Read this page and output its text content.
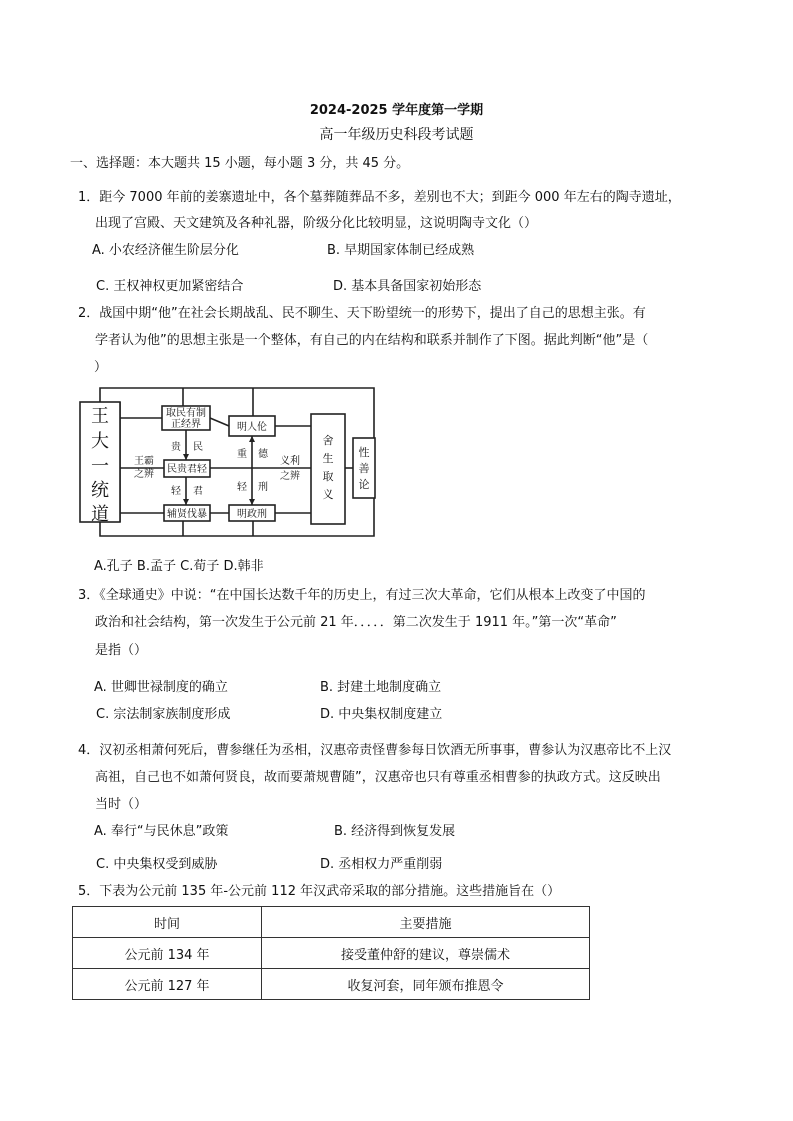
2024-2025 学年度第一学期
高一年级历史科段考试题
一、选择题：本大题共 15 小题，每小题 3 分，共 45 分。
1．距今 7000 年前的姜寨遗址中，各个墓葬随葬品不多，差别也不大；到距今 000 年左右的陶寺遗址，
出现了宫殿、天文建筑及各种礼器，阶级分化比较明显，这说明陶寺文化（）
A. 小农经济催生阶层分化	B. 早期国家体制已经成熟
C. 王权神权更加紧密结合	D. 基本具备国家初始形态
2．战国中期“他”在社会长期战乱、民不聊生、天下盼望统一的形势下，提出了自己的思想主张。有
学者认为他”的思想主张是一个整体，有自己的内在结构和联系并制作了下图。据此判断“他”是（
）
王
大
一
统
道
取民有制
正经界
民贵君轻
辅贤伐暴
明人伦
明政刑
王霸
之辨
贵 民
轻 君
重 德
轻 刑
义利
之辨
舍
生
取
义
性
善
论
A.孔子 B.孟子 C.荀子 D.韩非
3．《全球通史》中说：“在中国长达数千年的历史上，有过三次大革命，它们从根本上改变了中国的
政治和社会结构，第一次发生于公元前 21 年．．．．．第二次发生于 1911 年。”第一次“革命”
是指（）
A. 世卿世禄制度的确立	B. 封建土地制度确立
C. 宗法制家族制度形成	D. 中央集权制度建立
4．汉初丞相萧何死后，曹参继任为丞相，汉惠帝责怪曹参每日饮酒无所事事，曹参认为汉惠帝比不上汉
高祖，自己也不如萧何贤良，故而要萧规曹随”，汉惠帝也只有尊重丞相曹参的执政方式。这反映出
当时（）
A. 奉行“与民休息”政策	B. 经济得到恢复发展
C. 中央集权受到威胁	D. 丞相权力严重削弱
5．下表为公元前 135 年-公元前 112 年汉武帝采取的部分措施。这些措施旨在（）
时间	主要措施
公元前 134 年	接受董仲舒的建议，尊崇儒术
公元前 127 年	收复河套，同年颁布推恩令
